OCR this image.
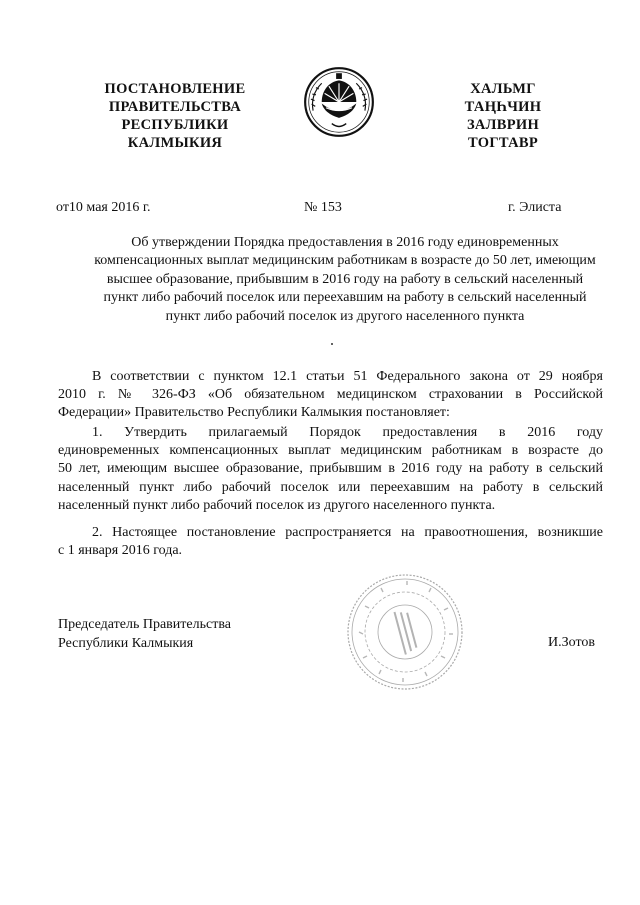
ПОСТАНОВЛЕНИЕ
ПРАВИТЕЛЬСТВА
РЕСПУБЛИКИ
КАЛМЫКИЯ
ХАЛЬМГ
ТАҢҺЧИН
ЗАЛВРИН
ТОГТАВР
от10 мая 2016 г.	№ 153	г. Элиста
Об утверждении Порядка предоставления в 2016 году единовременных
компенсационных выплат медицинским работникам в возрасте до 50 лет, имеющим
высшее образование, прибывшим в 2016 году на работу в сельский населенный
пункт либо рабочий поселок или переехавшим на работу в сельский населенный
пункт либо рабочий поселок из другого населенного пункта
В соответствии с пунктом 12.1 статьи 51 Федерального закона от 29 ноября
2010 г. № 326-ФЗ «Об обязательном медицинском страховании в Российской
Федерации» Правительство Республики Калмыкия постановляет:
1. Утвердить прилагаемый Порядок предоставления в 2016 году
единовременных компенсационных выплат медицинским работникам в возрасте до
50 лет, имеющим высшее образование, прибывшим в 2016 году на работу в сельский
населенный пункт либо рабочий поселок или переехавшим на работу в сельский
населенный пункт либо рабочий поселок из другого населенного пункта.
2. Настоящее постановление распространяется на правоотношения, возникшие
с 1 января 2016 года.
Председатель Правительства
Республики Калмыкия	И.Зотов
